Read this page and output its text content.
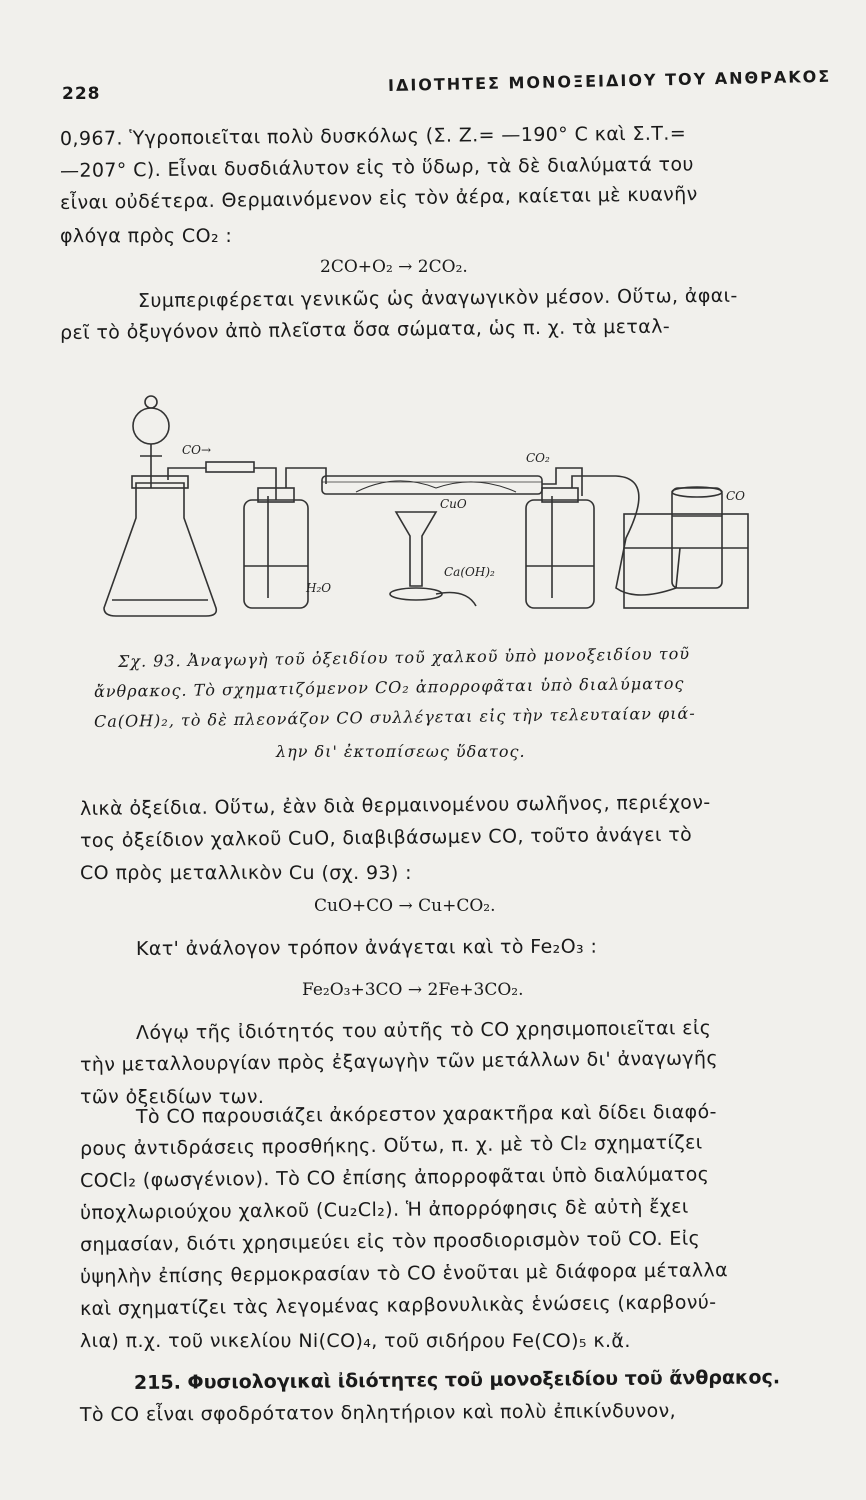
228	ΙΔΙΟΤΗΤΕΣ ΜΟΝΟΞΕΙΔΙΟΥ ΤΟΥ ΑΝΘΡΑΚΟΣ
0,967. Ὑγροποιεῖται πολὺ δυσκόλως (Σ. Ζ.= —190° C καὶ Σ.Τ.=
—207° C). Εἶναι δυσδιάλυτον εἰς τὸ ὕδωρ, τὰ δὲ διαλύματά του
εἶναι οὐδέτερα. Θερμαινόμενον εἰς τὸν ἀέρα, καίεται μὲ κυανῆν
φλόγα πρὸς CO₂ :
2CO+O₂ → 2CO₂.
Συμπεριφέρεται γενικῶς ὡς ἀναγωγικὸν μέσον. Οὕτω, ἀφαι-
ρεῖ τὸ ὀξυγόνον ἀπὸ πλεῖστα ὅσα σώματα, ὡς π. χ. τὰ μεταλ-
CO→
CO₂
CuO
CO
H₂O
Ca(OH)₂
Σχ. 93. Ἀναγωγὴ τοῦ ὀξειδίου τοῦ χαλκοῦ ὑπὸ μονοξειδίου τοῦ
ἄνθρακος. Τὸ σχηματιζόμενον CO₂ ἀπορροφᾶται ὑπὸ διαλύματος
Ca(OH)₂, τὸ δὲ πλεονάζον CO συλλέγεται εἰς τὴν τελευταίαν φιά-
λην δι' ἐκτοπίσεως ὕδατος.
λικὰ ὀξείδια. Οὕτω, ἐὰν διὰ θερμαινομένου σωλῆνος, περιέχον-
τος ὀξείδιον χαλκοῦ CuO, διαβιβάσωμεν CO, τοῦτο ἀνάγει τὸ
CO πρὸς μεταλλικὸν Cu (σχ. 93) :
CuO+CO → Cu+CO₂.
Κατ' ἀνάλογον τρόπον ἀνάγεται καὶ τὸ Fe₂O₃ :
Fe₂O₃+3CO → 2Fe+3CO₂.
Λόγῳ τῆς ἰδιότητός του αὐτῆς τὸ CO χρησιμοποιεῖται εἰς
τὴν μεταλλουργίαν πρὸς ἐξαγωγὴν τῶν μετάλλων δι' ἀναγωγῆς
τῶν ὀξειδίων των.
Τὸ CO παρουσιάζει ἀκόρεστον χαρακτῆρα καὶ δίδει διαφό-
ρους ἀντιδράσεις προσθήκης. Οὕτω, π. χ. μὲ τὸ Cl₂ σχηματίζει
COCl₂ (φωσγένιον). Τὸ CO ἐπίσης ἀπορροφᾶται ὑπὸ διαλύματος
ὑποχλωριούχου χαλκοῦ (Cu₂Cl₂). Ἡ ἀπορρόφησις δὲ αὐτὴ ἔχει
σημασίαν, διότι χρησιμεύει εἰς τὸν προσδιορισμὸν τοῦ CO. Εἰς
ὑψηλὴν ἐπίσης θερμοκρασίαν τὸ CO ἑνοῦται μὲ διάφορα μέταλλα
καὶ σχηματίζει τὰς λεγομένας καρβονυλικὰς ἑνώσεις (καρβονύ-
λια) π.χ. τοῦ νικελίου Ni(CO)₄, τοῦ σιδήρου Fe(CO)₅ κ.ἄ.
215. Φυσιολογικαὶ ἰδιότητες τοῦ μονοξειδίου τοῦ ἄνθρακος.
Τὸ CO εἶναι σφοδρότατον δηλητήριον καὶ πολὺ ἐπικίνδυνον,
